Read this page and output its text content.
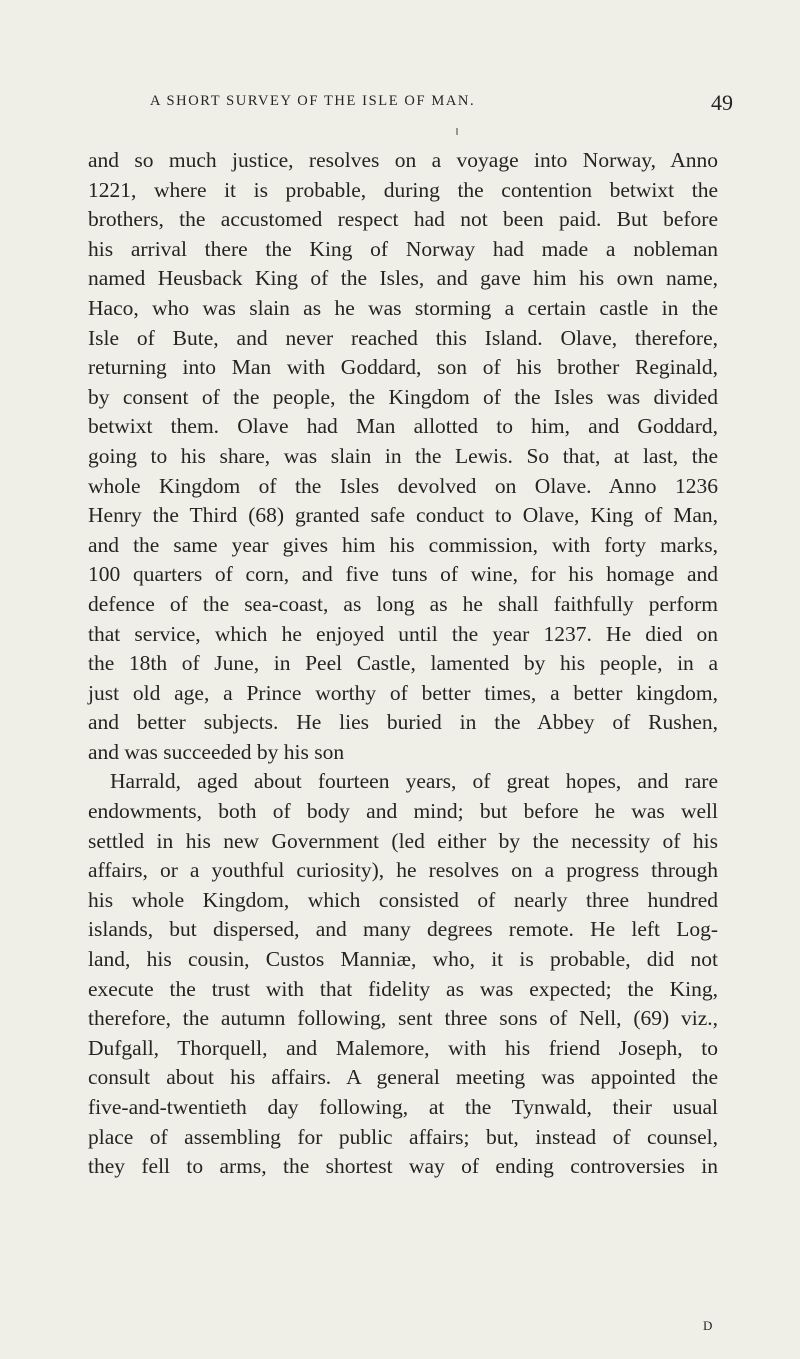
A SHORT SURVEY OF THE ISLE OF MAN.	49
and so much justice, resolves on a voyage into Norway, Anno
1221, where it is probable, during the contention betwixt the
brothers, the accustomed respect had not been paid. But before
his arrival there the King of Norway had made a nobleman
named Heusback King of the Isles, and gave him his own name,
Haco, who was slain as he was storming a certain castle in the
Isle of Bute, and never reached this Island. Olave, therefore,
returning into Man with Goddard, son of his brother Reginald,
by consent of the people, the Kingdom of the Isles was divided
betwixt them. Olave had Man allotted to him, and Goddard,
going to his share, was slain in the Lewis. So that, at last, the
whole Kingdom of the Isles devolved on Olave. Anno 1236
Henry the Third (68) granted safe conduct to Olave, King of Man,
and the same year gives him his commission, with forty marks,
100 quarters of corn, and five tuns of wine, for his homage and
defence of the sea-coast, as long as he shall faithfully perform
that service, which he enjoyed until the year 1237. He died on
the 18th of June, in Peel Castle, lamented by his people, in a
just old age, a Prince worthy of better times, a better kingdom,
and better subjects. He lies buried in the Abbey of Rushen,
and was succeeded by his son
Harrald, aged about fourteen years, of great hopes, and rare
endowments, both of body and mind; but before he was well
settled in his new Government (led either by the necessity of his
affairs, or a youthful curiosity), he resolves on a progress through
his whole Kingdom, which consisted of nearly three hundred
islands, but dispersed, and many degrees remote. He left Log-
land, his cousin, Custos Manniæ, who, it is probable, did not
execute the trust with that fidelity as was expected; the King,
therefore, the autumn following, sent three sons of Nell, (69) viz.,
Dufgall, Thorquell, and Malemore, with his friend Joseph, to
consult about his affairs. A general meeting was appointed the
five-and-twentieth day following, at the Tynwald, their usual
place of assembling for public affairs; but, instead of counsel,
they fell to arms, the shortest way of ending controversies in
D
